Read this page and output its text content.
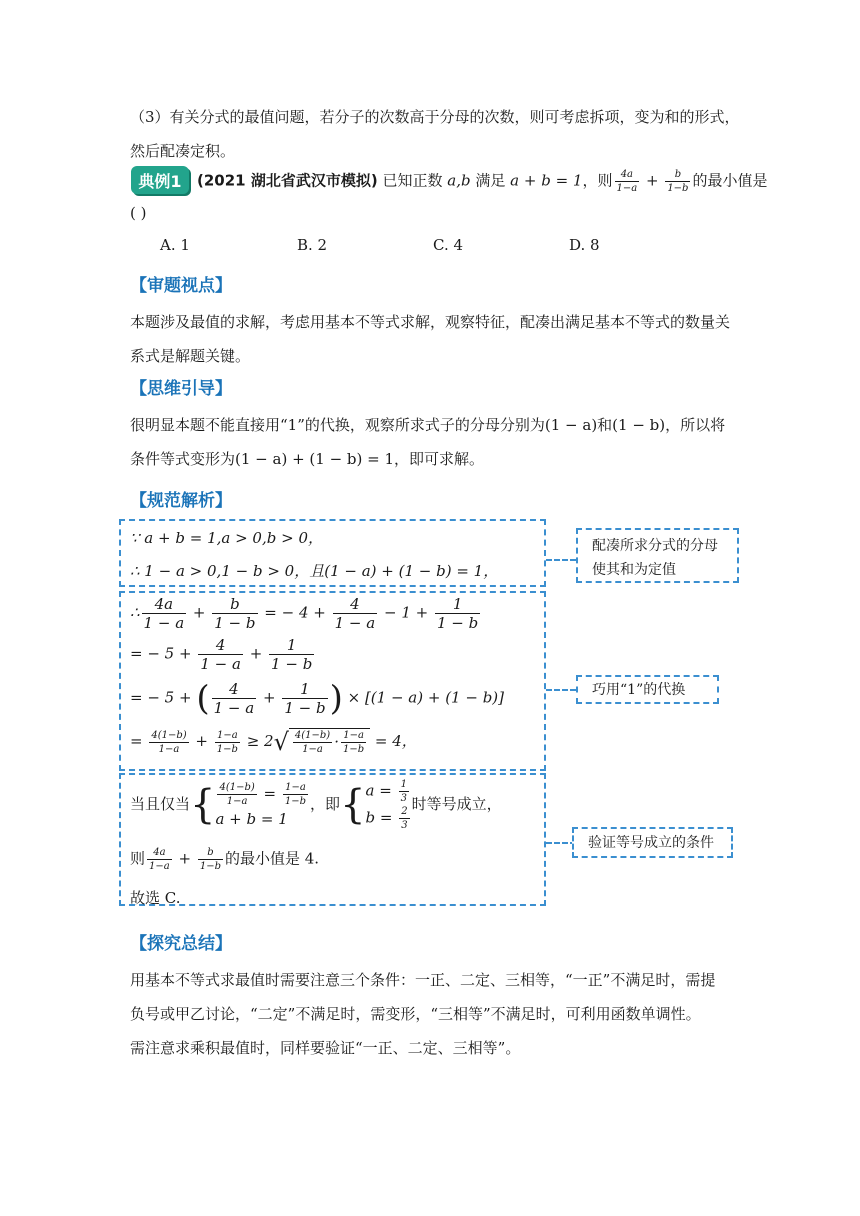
（3）有关分式的最值问题，若分子的次数高于分母的次数，则可考虑拆项，变为和的形式，
然后配凑定积。
典例1	(2021 湖北省武汉市模拟) 已知正数 a,b 满足 a + b = 1，则 $\frac{4a}{1-a} + \frac{b}{1-b}$ 的最小值是
( )
A. 1	B. 2	C. 4	D. 8
【审题视点】
本题涉及最值的求解，考虑用基本不等式求解，观察特征，配凑出满足基本不等式的数量关
系式是解题关键。
【思维引导】
很明显本题不能直接用“1”的代换，观察所求式子的分母分别为(1 − a)和(1 − b)，所以将
条件等式变形为(1 − a) + (1 − b) = 1，即可求解。
【规范解析】
∵ a + b = 1,a > 0,b > 0，
∴ 1 − a > 0,1 − b > 0，且(1 − a) + (1 − b) = 1，
∴ $\frac{4a}{1 - a} + \frac{b}{1 - b}$ = − $4 + \frac{4}{1 - a} - 1 + \frac{1}{1 - b}$
= − $5 + \frac{4}{1 - a} + \frac{1}{1 - b}$
= − 5 + ( $\frac{4}{1 - a} + \frac{1}{1 - b}$ ) × [(1 − a) + (1 − b)]
= $\frac{4(1-b)}{1-a} + \frac{1-a}{1-b} \ge 2√ \frac{4(1-b)}{1-a} \cdot \frac{1-a}{1-b} = 4$，
当且仅当{ $\frac{4(1-b)}{1-a} = \frac{1-a}{1-b}$
a + b = 1
，即{ $a = \frac{1}{3}$
$b = \frac{2}{3}$
时等号成立，
则 $\frac{4a}{1-a} + \frac{b}{1-b}$ 的最小值是 4.
故选 C.
配凑所求分式的分母
使其和为定值
巧用“1”的代换
验证等号成立的条件
【探究总结】
用基本不等式求最值时需要注意三个条件：一正、二定、三相等，“一正”不满足时，需提
负号或甲乙讨论，“二定”不满足时，需变形，“三相等”不满足时，可利用函数单调性。
需注意求乘积最值时，同样要验证“一正、二定、三相等”。
